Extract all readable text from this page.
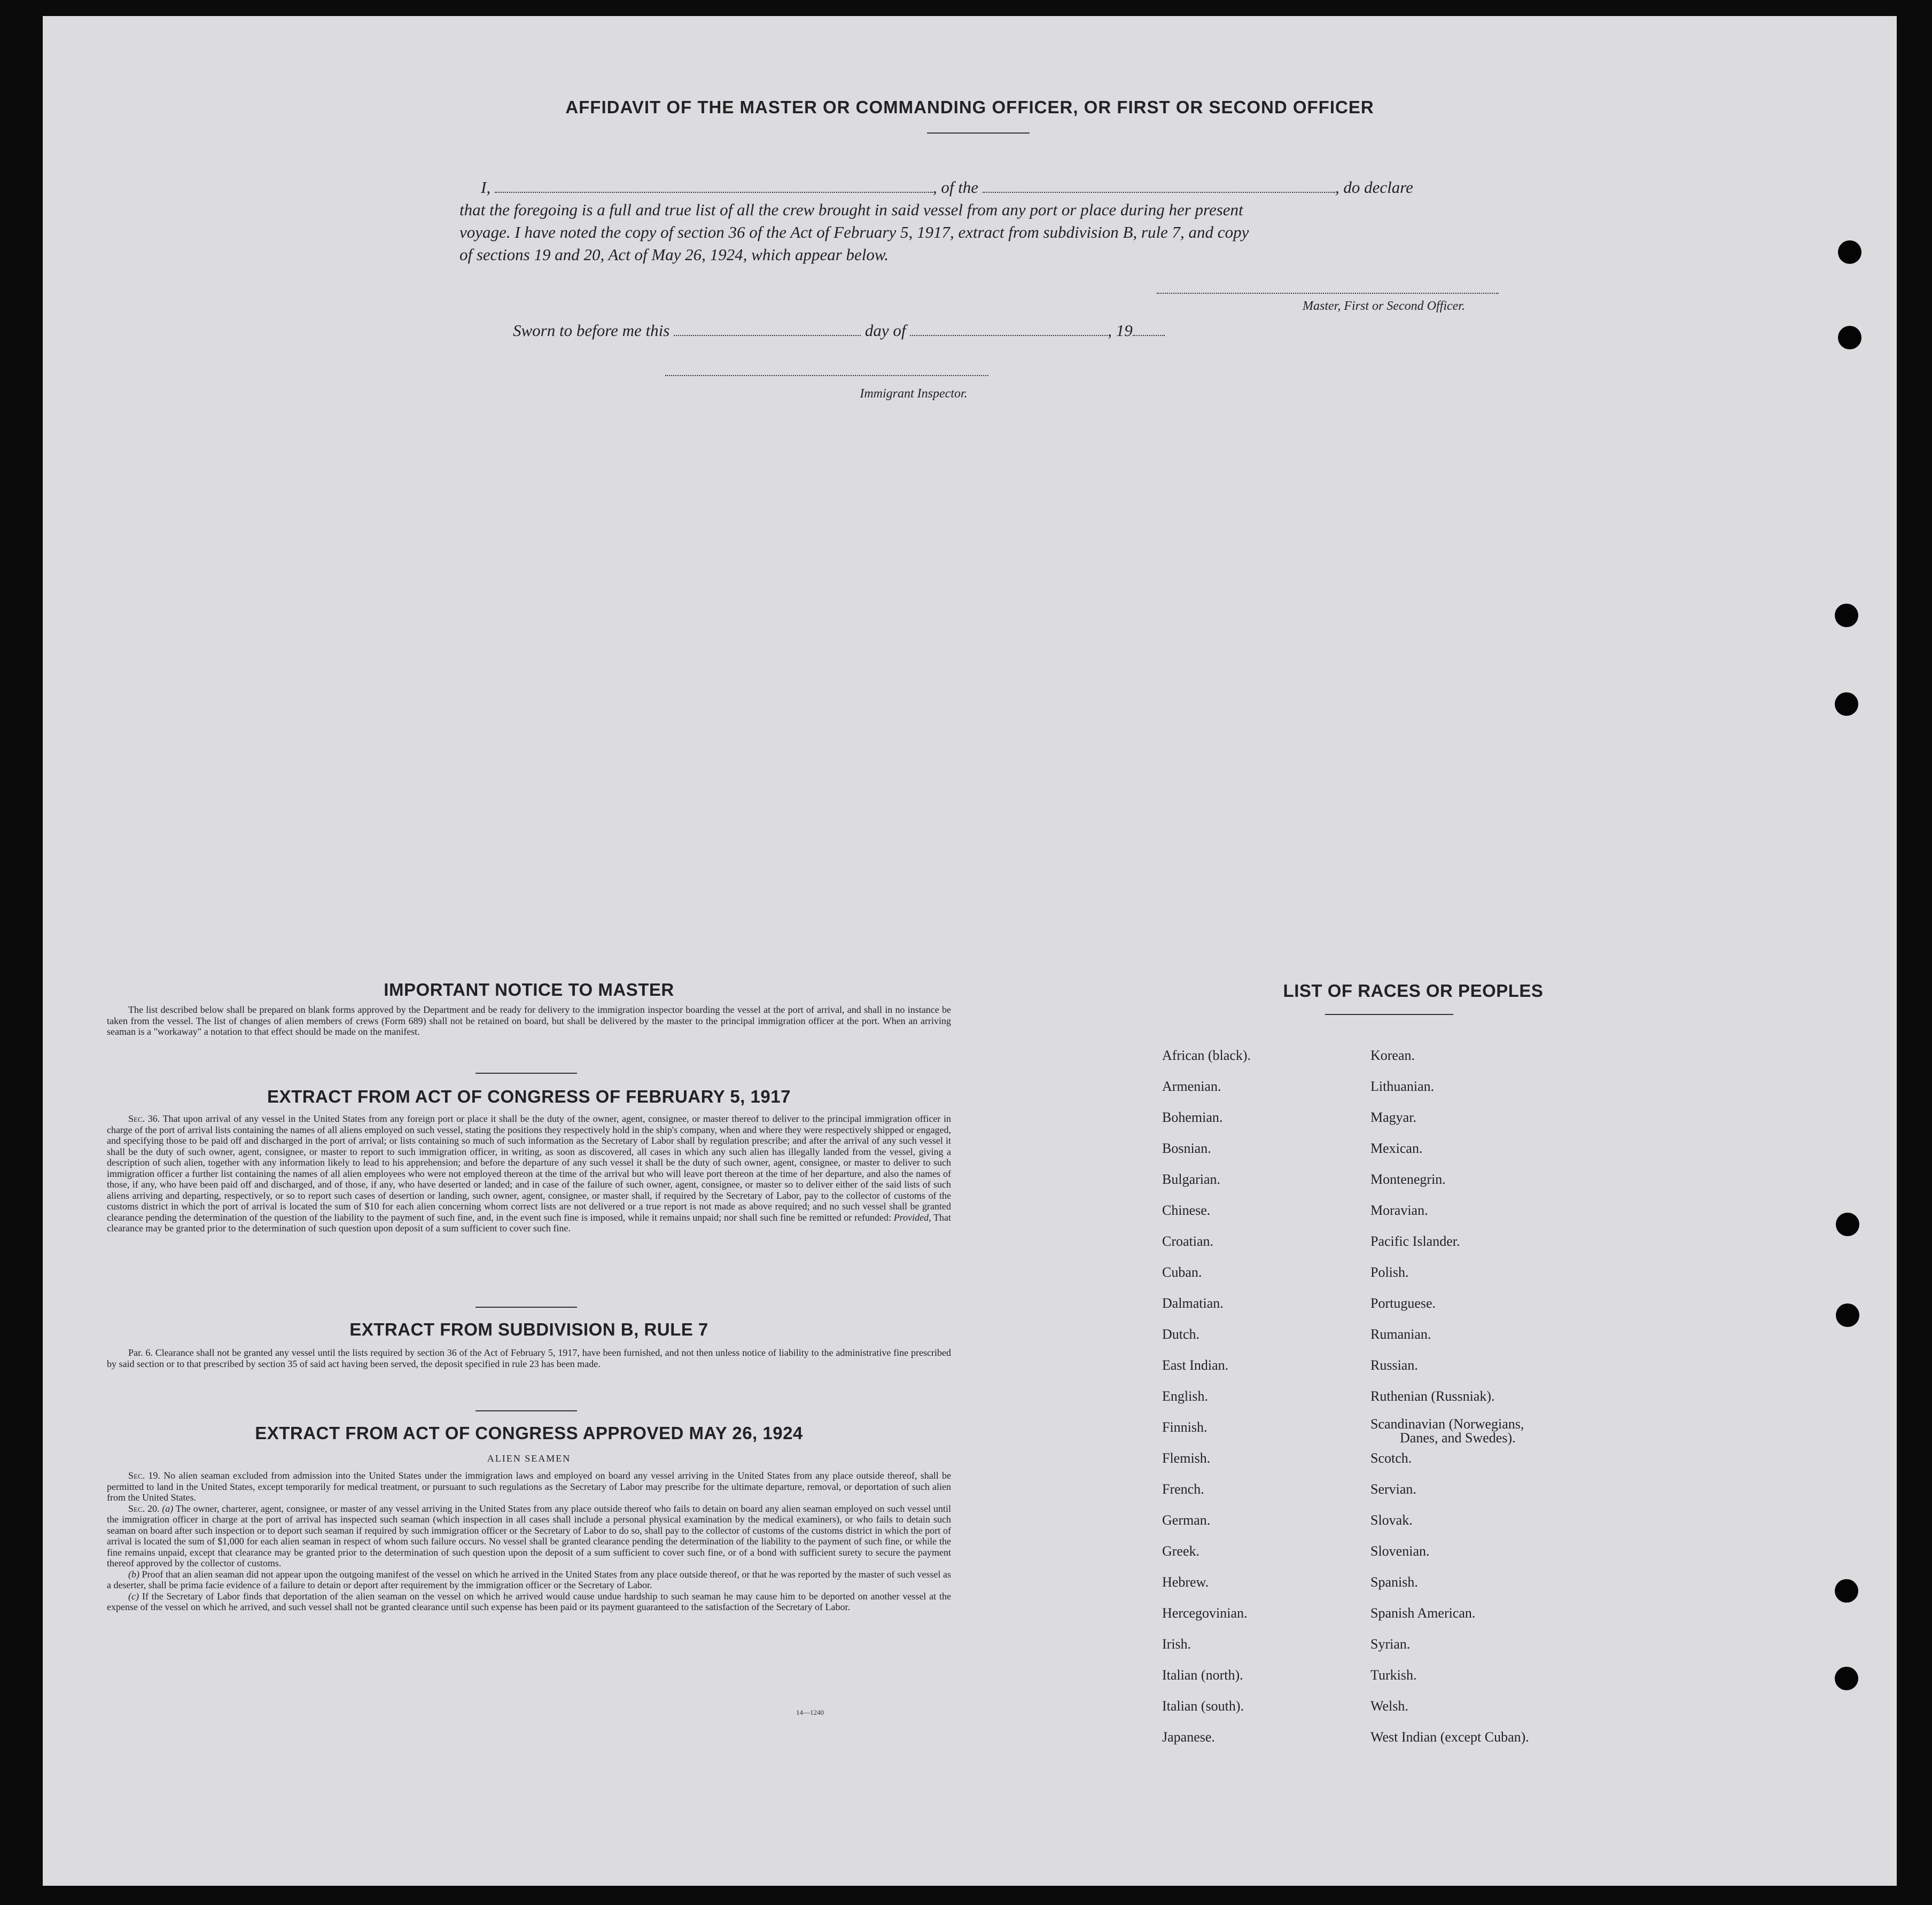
AFFIDAVIT OF THE MASTER OR COMMANDING OFFICER, OR FIRST OR SECOND OFFICER
I,	, of the	, do declare
that the foregoing is a full and true list of all the crew brought in said vessel from any port or place during her present
voyage. I have noted the copy of section 36 of the Act of February 5, 1917, extract from subdivision B, rule 7, and copy
of sections 19 and 20, Act of May 26, 1924, which appear below.
Master, First or Second Officer.
Sworn to before me this	day of	, 19
Immigrant Inspector.
IMPORTANT NOTICE TO MASTER

The list described below shall be prepared on blank forms approved by the Department and be ready for delivery to the immigration inspector boarding the vessel at the port of arrival, and shall in no instance be taken from the vessel. The list of changes of alien members of crews (Form 689) shall not be retained on board, but shall be delivered by the master to the principal immigration officer at the port. When an arriving seaman is a "workaway" a notation to that effect should be made on the manifest.

EXTRACT FROM ACT OF CONGRESS OF FEBRUARY 5, 1917

Sec. 36. That upon arrival of any vessel in the United States from any foreign port or place it shall be the duty of the owner, agent, consignee, or master thereof to deliver to the principal immigration officer in charge of the port of arrival lists containing the names of all aliens employed on such vessel, stating the positions they respectively hold in the ship's company, when and where they were respectively shipped or engaged, and specifying those to be paid off and discharged in the port of arrival; or lists containing so much of such information as the Secretary of Labor shall by regulation prescribe; and after the arrival of any such vessel it shall be the duty of such owner, agent, consignee, or master to report to such immigration officer, in writing, as soon as discovered, all cases in which any such alien has illegally landed from the vessel, giving a description of such alien, together with any information likely to lead to his apprehension; and before the departure of any such vessel it shall be the duty of such owner, agent, consignee, or master to deliver to such immigration officer a further list containing the names of all alien employees who were not employed thereon at the time of the arrival but who will leave port thereon at the time of her departure, and also the names of those, if any, who have been paid off and discharged, and of those, if any, who have deserted or landed; and in case of the failure of such owner, agent, consignee, or master so to deliver either of the said lists of such aliens arriving and departing, respectively, or so to report such cases of desertion or landing, such owner, agent, consignee, or master shall, if required by the Secretary of Labor, pay to the collector of customs of the customs district in which the port of arrival is located the sum of $10 for each alien concerning whom correct lists are not delivered or a true report is not made as above required; and no such vessel shall be granted clearance pending the determination of the question of the liability to the payment of such fine, and, in the event such fine is imposed, while it remains unpaid; nor shall such fine be remitted or refunded: Provided, That clearance may be granted prior to the determination of such question upon deposit of a sum sufficient to cover such fine.

EXTRACT FROM SUBDIVISION B, RULE 7

Par. 6. Clearance shall not be granted any vessel until the lists required by section 36 of the Act of February 5, 1917, have been furnished, and not then unless notice of liability to the administrative fine prescribed by said section or to that prescribed by section 35 of said act having been served, the deposit specified in rule 23 has been made.

EXTRACT FROM ACT OF CONGRESS APPROVED MAY 26, 1924
ALIEN SEAMEN

Sec. 19. No alien seaman excluded from admission into the United States under the immigration laws and employed on board any vessel arriving in the United States from any place outside thereof, shall be permitted to land in the United States, except temporarily for medical treatment, or pursuant to such regulations as the Secretary of Labor may prescribe for the ultimate departure, removal, or deportation of such alien from the United States.

Sec. 20. (a) The owner, charterer, agent, consignee, or master of any vessel arriving in the United States from any place outside thereof who fails to detain on board any alien seaman employed on such vessel until the immigration officer in charge at the port of arrival has inspected such seaman (which inspection in all cases shall include a personal physical examination by the medical examiners), or who fails to detain such seaman on board after such inspection or to deport such seaman if required by such immigration officer or the Secretary of Labor to do so, shall pay to the collector of customs of the customs district in which the port of arrival is located the sum of $1,000 for each alien seaman in respect of whom such failure occurs. No vessel shall be granted clearance pending the determination of the liability to the payment of such fine, or while the fine remains unpaid, except that clearance may be granted prior to the determination of such question upon the deposit of a sum sufficient to cover such fine, or of a bond with sufficient surety to secure the payment thereof approved by the collector of customs.

(b) Proof that an alien seaman did not appear upon the outgoing manifest of the vessel on which he arrived in the United States from any place outside thereof, or that he was reported by the master of such vessel as a deserter, shall be prima facie evidence of a failure to detain or deport after requirement by the immigration officer or the Secretary of Labor.

(c) If the Secretary of Labor finds that deportation of the alien seaman on the vessel on which he arrived would cause undue hardship to such seaman he may cause him to be deported on another vessel at the expense of the vessel on which he arrived, and such vessel shall not be granted clearance until such expense has been paid or its payment guaranteed to the satisfaction of the Secretary of Labor.

14—1240
LIST OF RACES OR PEOPLES
African (black).
Armenian.
Bohemian.
Bosnian.
Bulgarian.
Chinese.
Croatian.
Cuban.
Dalmatian.
Dutch.
East Indian.
English.
Finnish.
Flemish.
French.
German.
Greek.
Hebrew.
Hercegovinian.
Irish.
Italian (north).
Italian (south).
Japanese.
Korean.
Lithuanian.
Magyar.
Mexican.
Montenegrin.
Moravian.
Pacific Islander.
Polish.
Portuguese.
Rumanian.
Russian.
Ruthenian (Russniak).
Scandinavian (Norwegians,
Danes, and Swedes).
Scotch.
Servian.
Slovak.
Slovenian.
Spanish.
Spanish American.
Syrian.
Turkish.
Welsh.
West Indian (except Cuban).
